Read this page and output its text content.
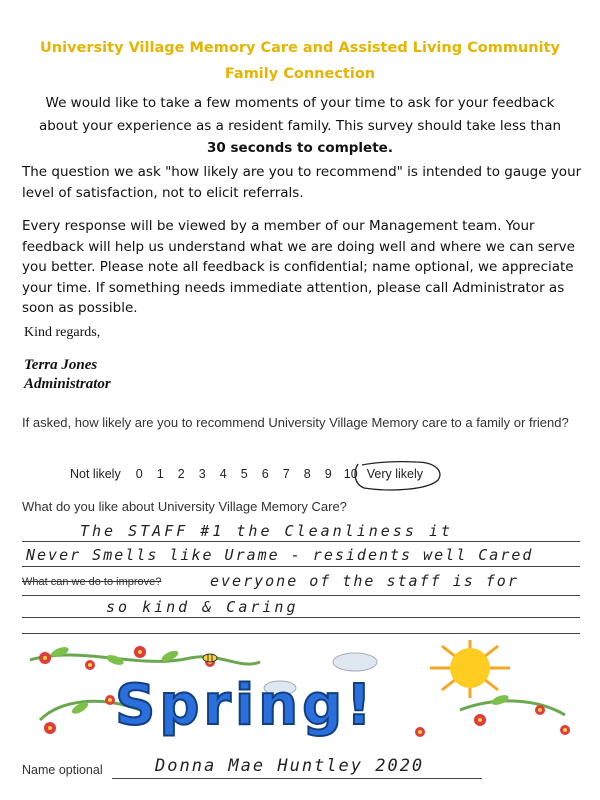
University Village Memory Care and Assisted Living Community
Family Connection
We would like to take a few moments of your time to ask for your feedback
about your experience as a resident family. This survey should take less than
30 seconds to complete.
The question we ask "how likely are you to recommend" is intended to gauge your level of satisfaction, not to elicit referrals.
Every response will be viewed by a member of our Management team. Your feedback will help us understand what we are doing well and where we can serve you better. Please note all feedback is confidential; name optional, we appreciate your time. If something needs immediate attention, please call Administrator as soon as possible.
Kind regards,
Terra Jones
Administrator
If asked, how likely are you to recommend University Village Memory care to a family or friend?
Not likely	0	1	2	3	4	5	6	7	8	9 10 Very likely
What do you like about University Village Memory Care?
The STAFF #1 the Cleanliness it
Never Smells like Urame - residents well Cared
What can we do to improve?	everyone of the staff is for
so kind & Caring
Spring!
Name optional	Donna Mae Huntley 2020
